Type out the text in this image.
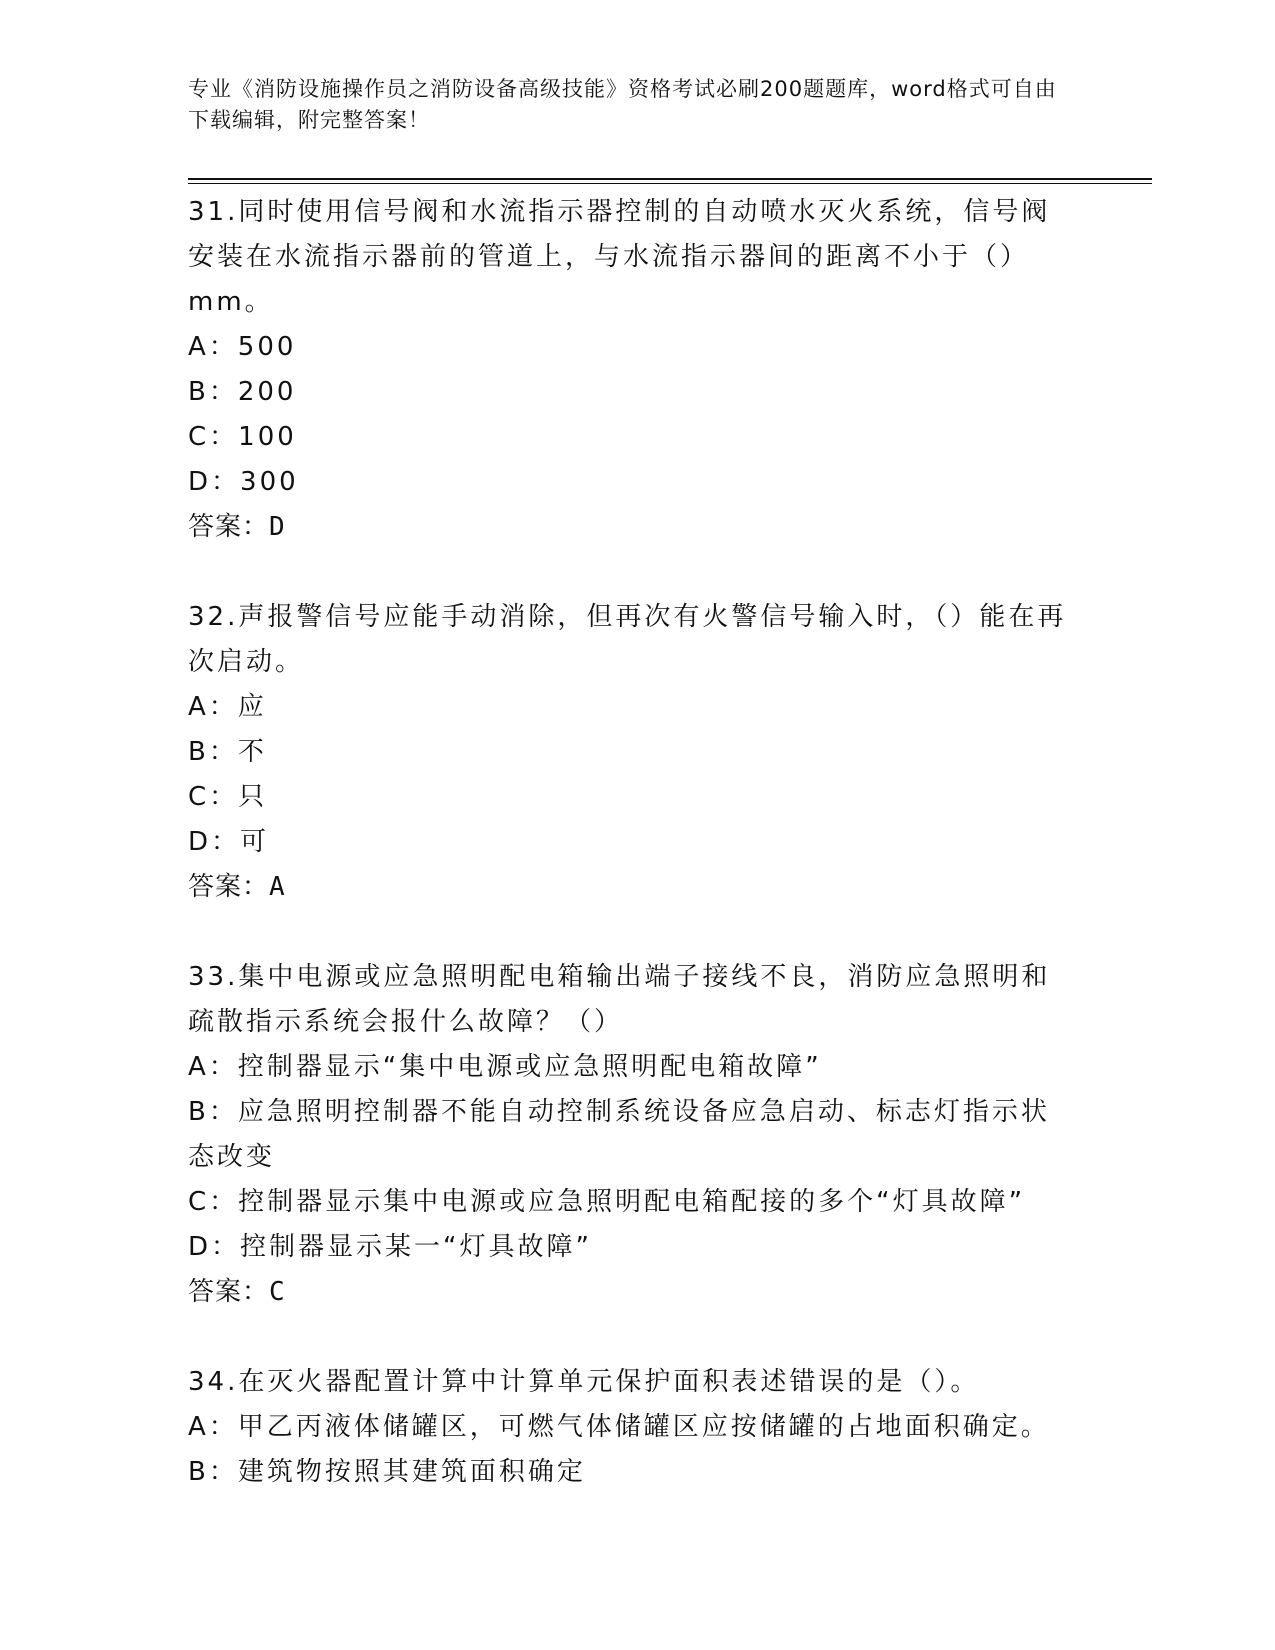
专业《消防设施操作员之消防设备高级技能》资格考试必刷200题题库，word格式可自由下载编辑，附完整答案！
31.同时使用信号阀和水流指示器控制的自动喷水灭火系统，信号阀安装在水流指示器前的管道上，与水流指示器间的距离不小于（）mm。
A：500
B：200
C：100
D：300
答案：D
32.声报警信号应能手动消除，但再次有火警信号输入时，（）能在再次启动。
A：应
B：不
C：只
D：可
答案：A
33.集中电源或应急照明配电箱输出端子接线不良，消防应急照明和疏散指示系统会报什么故障？（）
A：控制器显示“集中电源或应急照明配电箱故障”
B：应急照明控制器不能自动控制系统设备应急启动、标志灯指示状态改变
C：控制器显示集中电源或应急照明配电箱配接的多个“灯具故障”
D：控制器显示某一“灯具故障”
答案：C
34.在灭火器配置计算中计算单元保护面积表述错误的是（）。
A：甲乙丙液体储罐区，可燃气体储罐区应按储罐的占地面积确定。
B：建筑物按照其建筑面积确定
